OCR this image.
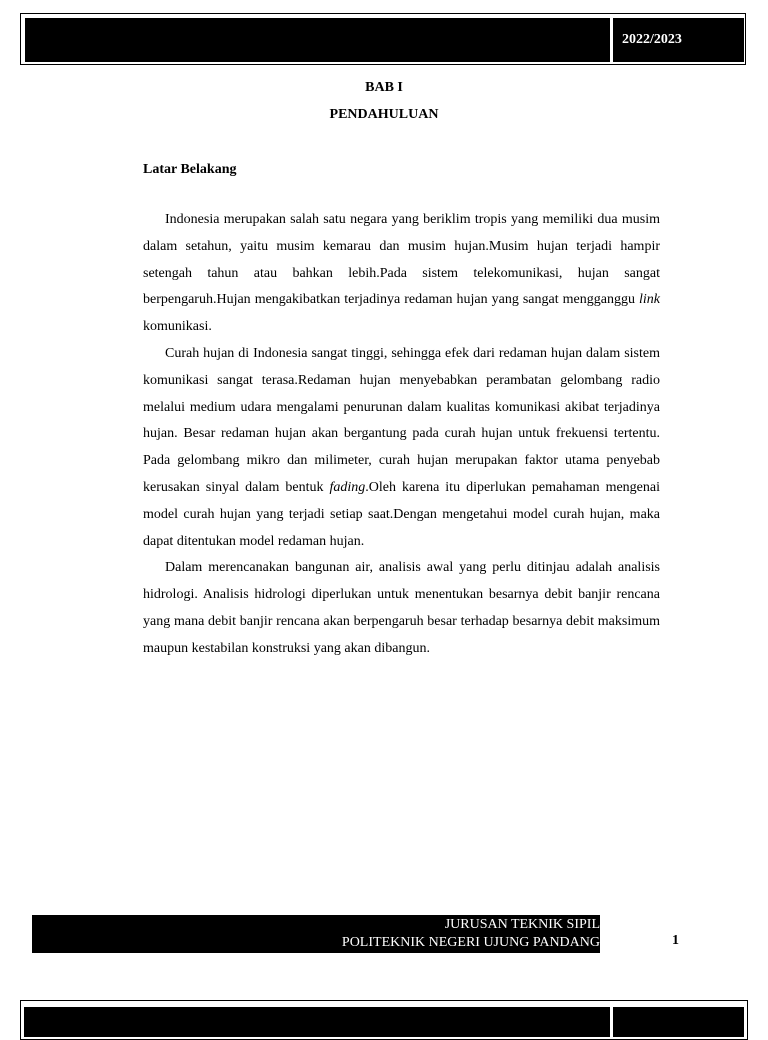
2022/2023

BAB I

PENDAHULUAN

Latar Belakang

Indonesia merupakan salah satu negara yang beriklim tropis yang memiliki dua musim dalam setahun, yaitu musim kemarau dan musim hujan.Musim hujan terjadi hampir setengah tahun atau bahkan lebih.Pada sistem telekomunikasi, hujan sangat berpengaruh.Hujan mengakibatkan terjadinya redaman hujan yang sangat mengganggu link komunikasi.

Curah hujan di Indonesia sangat tinggi, sehingga efek dari redaman hujan dalam sistem komunikasi sangat terasa.Redaman hujan menyebabkan perambatan gelombang radio melalui medium udara mengalami penurunan dalam kualitas komunikasi akibat terjadinya hujan. Besar redaman hujan akan bergantung pada curah hujan untuk frekuensi tertentu. Pada gelombang mikro dan milimeter, curah hujan merupakan faktor utama penyebab kerusakan sinyal dalam bentuk fading.Oleh karena itu diperlukan pemahaman mengenai model curah hujan yang terjadi setiap saat.Dengan mengetahui model curah hujan, maka dapat ditentukan model redaman hujan.

Dalam merencanakan bangunan air, analisis awal yang perlu ditinjau adalah analisis hidrologi. Analisis hidrologi diperlukan untuk menentukan besarnya debit banjir rencana yang mana debit banjir rencana akan berpengaruh besar terhadap besarnya debit maksimum maupun kestabilan konstruksi yang akan dibangun.

JURUSAN TEKNIK SIPIL
POLITEKNIK NEGERI UJUNG PANDANG	1
